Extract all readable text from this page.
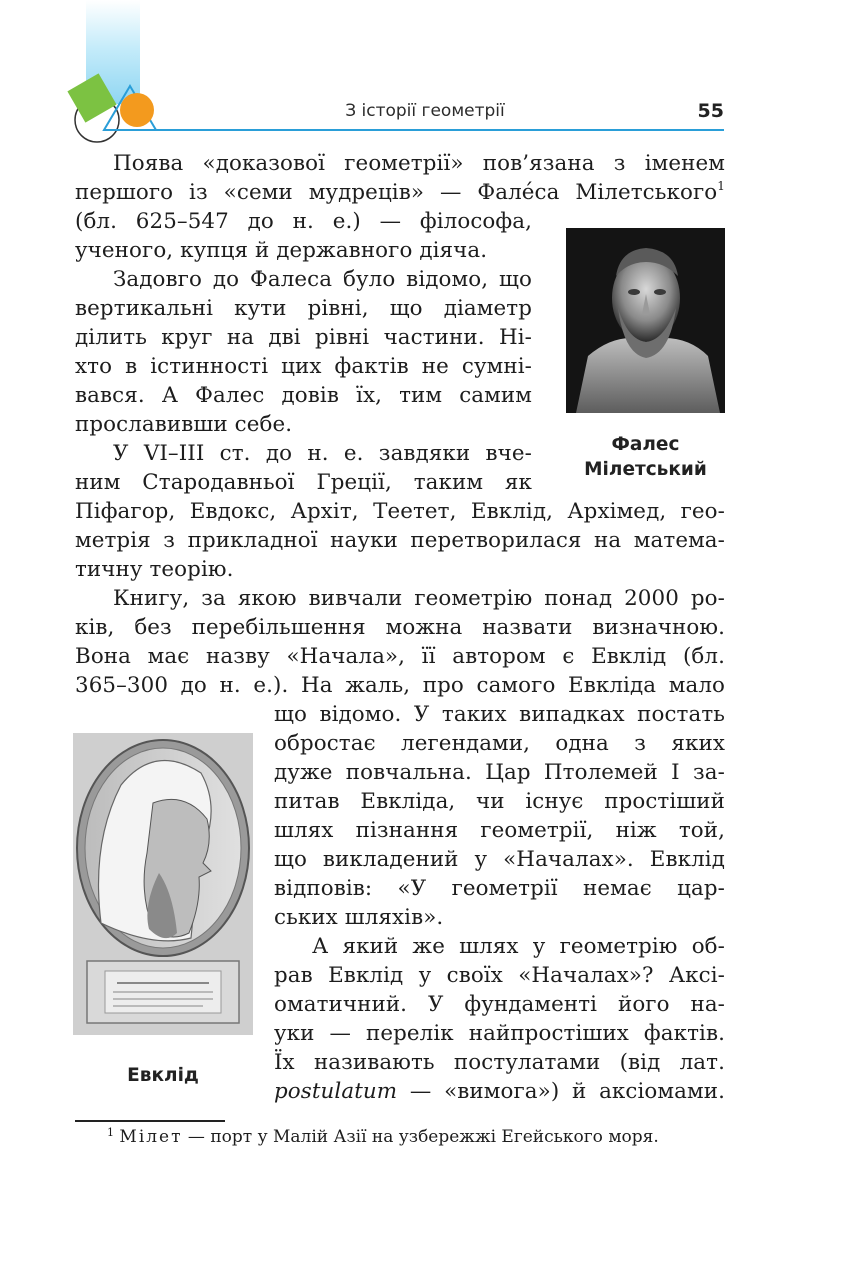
З історії геометрії	55
Поява «доказової геометрії» пов’язана з іменем
першого із «семи мудреців» — Фале́са Мілетського$^1$
(бл. 625–547 до н. е.) — філософа,
ученого, купця й державного діяча.
Задовго до Фалеса було відомо, що
вертикальні кути рівні, що діаметр
ділить круг на дві рівні частини. Ні-
хто в істинності цих фактів не сумні-
вався. А Фалес довів їх, тим самим
прославивши себе.
У VI–III ст. до н. е. завдяки вче-
ним Стародавньої Греції, таким як
Піфагор, Евдокс, Архіт, Теетет, Евклід, Архімед, гео-
метрія з прикладної науки перетворилася на матема-
тичну теорію.
Книгу, за якою вивчали геометрію понад 2000 ро-
ків, без перебільшення можна назвати визначною.
Вона має назву «Начала», її автором є Евклід (бл.
365–300 до н. е.). На жаль, про самого Евкліда мало
що відомо. У таких випадках постать
обростає легендами, одна з яких
дуже повчальна. Цар Птолемей I за-
питав Евкліда, чи існує простіший
шлях пізнання геометрії, ніж той,
що викладений у «Началах». Евклід
відповів: «У геометрії немає цар-
ських шляхів».
А який же шлях у геометрію об-
рав Евклід у своїх «Началах»? Аксі-
оматичний. У фундаменті його на-
уки — перелік найпростіших фактів.
Їх називають постулатами (від лат.
postulatum — «вимога») й аксіомами.
Фалес
Мілетський
Евклід
$^1$ Мілет — порт у Малій Азії на узбережжі Егейського моря.
